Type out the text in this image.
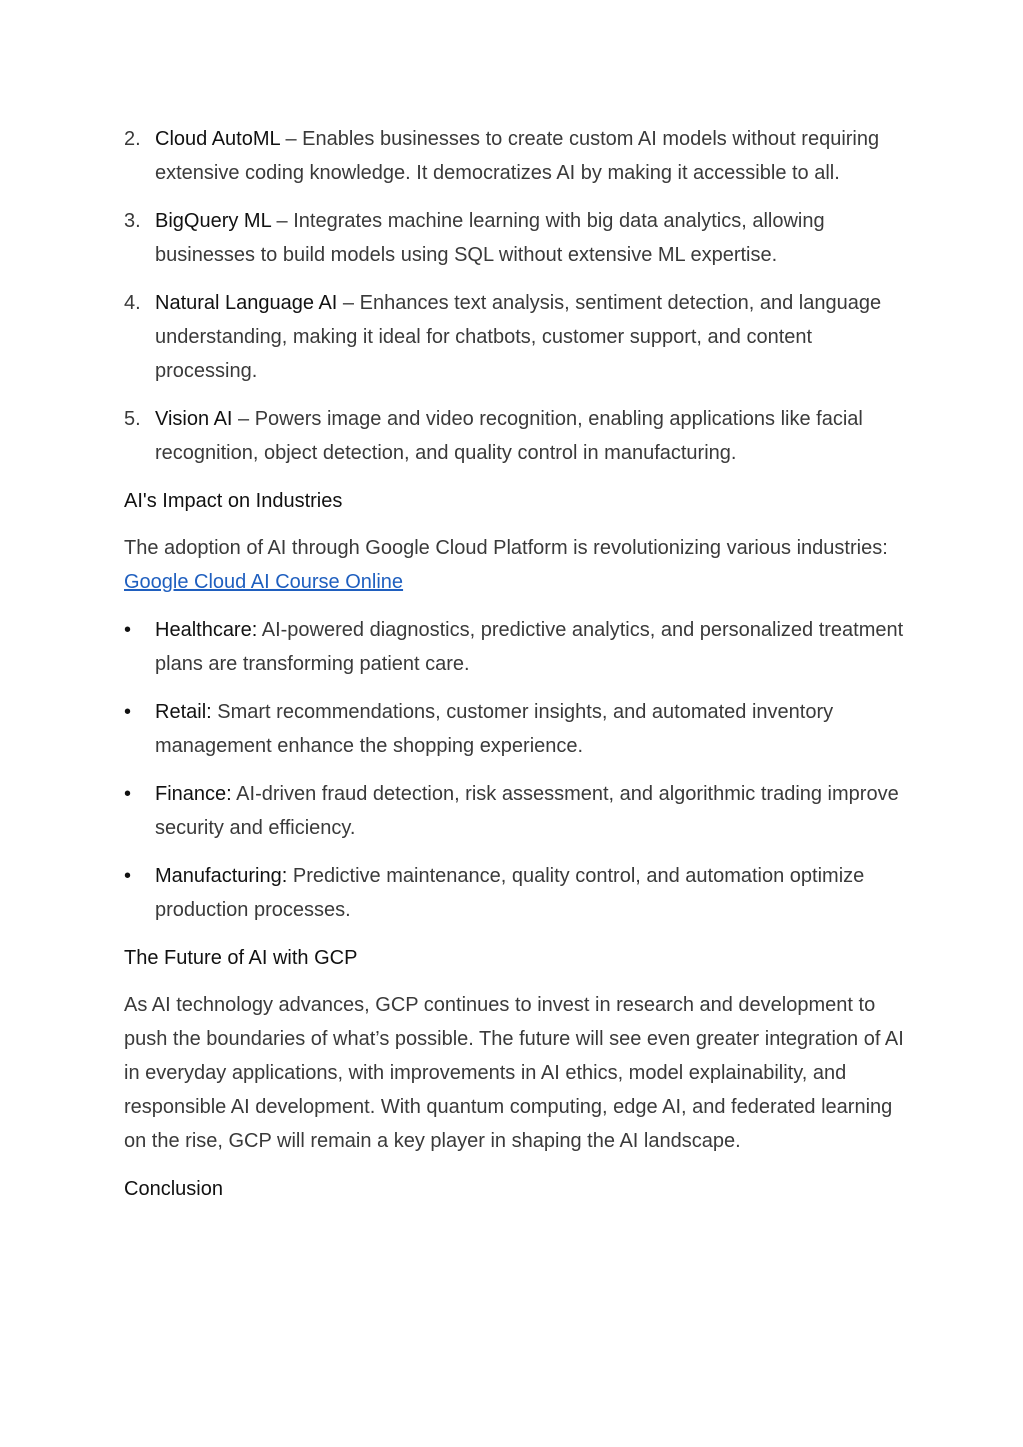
2. Cloud AutoML – Enables businesses to create custom AI models without requiring extensive coding knowledge. It democratizes AI by making it accessible to all.
3. BigQuery ML – Integrates machine learning with big data analytics, allowing businesses to build models using SQL without extensive ML expertise.
4. Natural Language AI – Enhances text analysis, sentiment detection, and language understanding, making it ideal for chatbots, customer support, and content processing.
5. Vision AI – Powers image and video recognition, enabling applications like facial recognition, object detection, and quality control in manufacturing.
AI's Impact on Industries

The adoption of AI through Google Cloud Platform is revolutionizing various industries: Google Cloud AI Course Online

• Healthcare: AI-powered diagnostics, predictive analytics, and personalized treatment plans are transforming patient care.
• Retail: Smart recommendations, customer insights, and automated inventory management enhance the shopping experience.
• Finance: AI-driven fraud detection, risk assessment, and algorithmic trading improve security and efficiency.
• Manufacturing: Predictive maintenance, quality control, and automation optimize production processes.
The Future of AI with GCP

As AI technology advances, GCP continues to invest in research and development to push the boundaries of what’s possible. The future will see even greater integration of AI in everyday applications, with improvements in AI ethics, model explainability, and responsible AI development. With quantum computing, edge AI, and federated learning on the rise, GCP will remain a key player in shaping the AI landscape.

Conclusion
